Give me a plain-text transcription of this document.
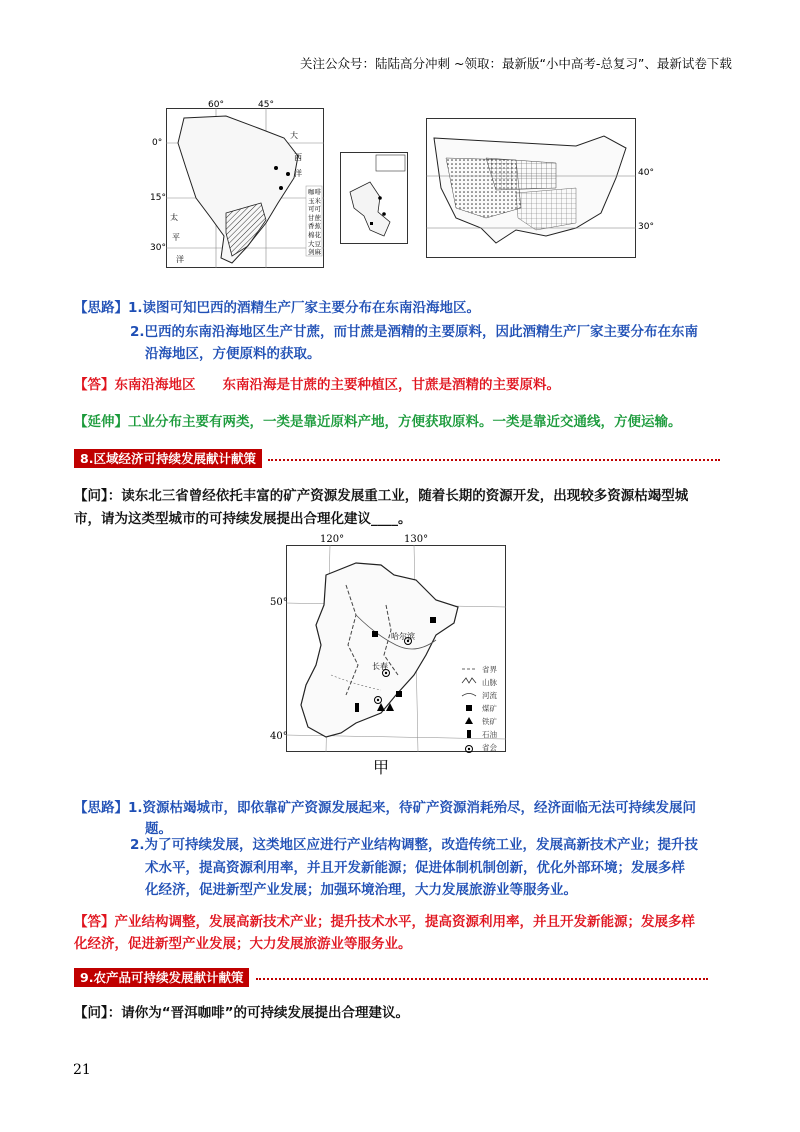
关注公众号：陆陆高分冲刺 ~领取：最新版“小中高考-总复习”、最新试卷下载
60°	45°
0°
15°
30°
大
西
洋
太
平
洋
咖啡
玉米
可可
甘蔗
香蕉
棉花
大豆
剑麻
40°
30°
【思路】1.读图可知巴西的酒精生产厂家主要分布在东南沿海地区。
2.巴西的东南沿海地区生产甘蔗，而甘蔗是酒精的主要原料，因此酒精生产厂家主要分布在东南
沿海地区，方便原料的获取。
【答】东南沿海地区　　东南沿海是甘蔗的主要种植区，甘蔗是酒精的主要原料。
【延伸】工业分布主要有两类，一类是靠近原料产地，方便获取原料。一类是靠近交通线，方便运输。
8.区域经济可持续发展献计献策
【问】：读东北三省曾经依托丰富的矿产资源发展重工业，随着长期的资源开发，出现较多资源枯竭型城
市，请为这类型城市的可持续发展提出合理化建议____。
120°	130°
50°
40°
哈尔滨
长春	省界
山脉
河流
煤矿
铁矿
石油
省会
甲
【思路】1.资源枯竭城市，即依靠矿产资源发展起来，待矿产资源消耗殆尽，经济面临无法可持续发展问
题。
2.为了可持续发展，这类地区应进行产业结构调整，改造传统工业，发展高新技术产业；提升技
术水平，提高资源利用率，并且开发新能源；促进体制机制创新，优化外部环境；发展多样
化经济，促进新型产业发展；加强环境治理，大力发展旅游业等服务业。
【答】产业结构调整，发展高新技术产业；提升技术水平，提高资源利用率，并且开发新能源；发展多样
化经济，促进新型产业发展；大力发展旅游业等服务业。
9.农产品可持续发展献计献策
【问】：请你为“晋洱咖啡”的可持续发展提出合理建议。
21
